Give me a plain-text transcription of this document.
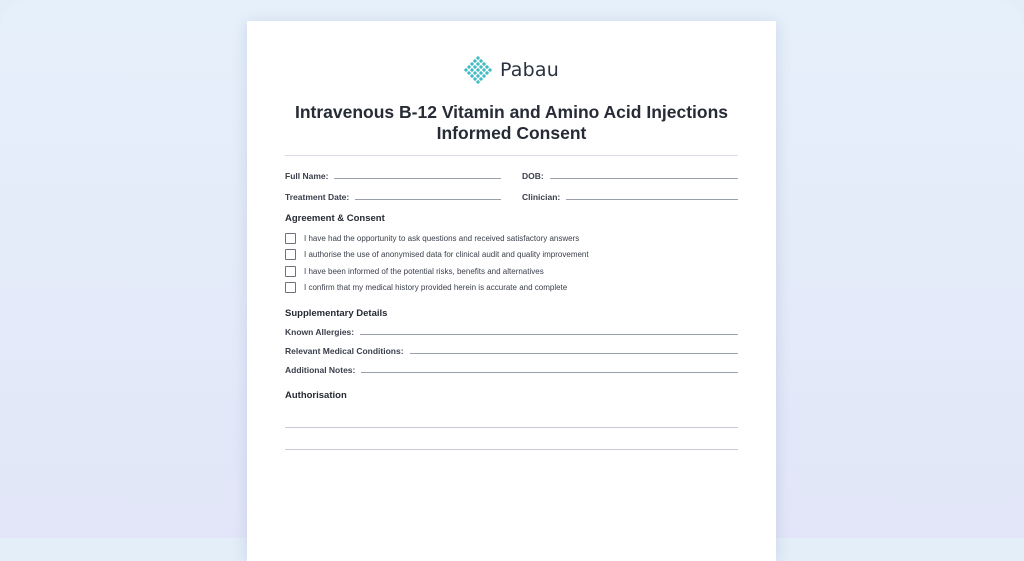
Pabau
Intravenous B-12 Vitamin and Amino Acid Injections
Informed Consent
Full Name:	DOB:
Treatment Date:	Clinician:
Agreement & Consent
I have had the opportunity to ask questions and received satisfactory answers
I authorise the use of anonymised data for clinical audit and quality improvement
I have been informed of the potential risks, benefits and alternatives
I confirm that my medical history provided herein is accurate and complete
Supplementary Details
Known Allergies:
Relevant Medical Conditions:
Additional Notes:
Authorisation
